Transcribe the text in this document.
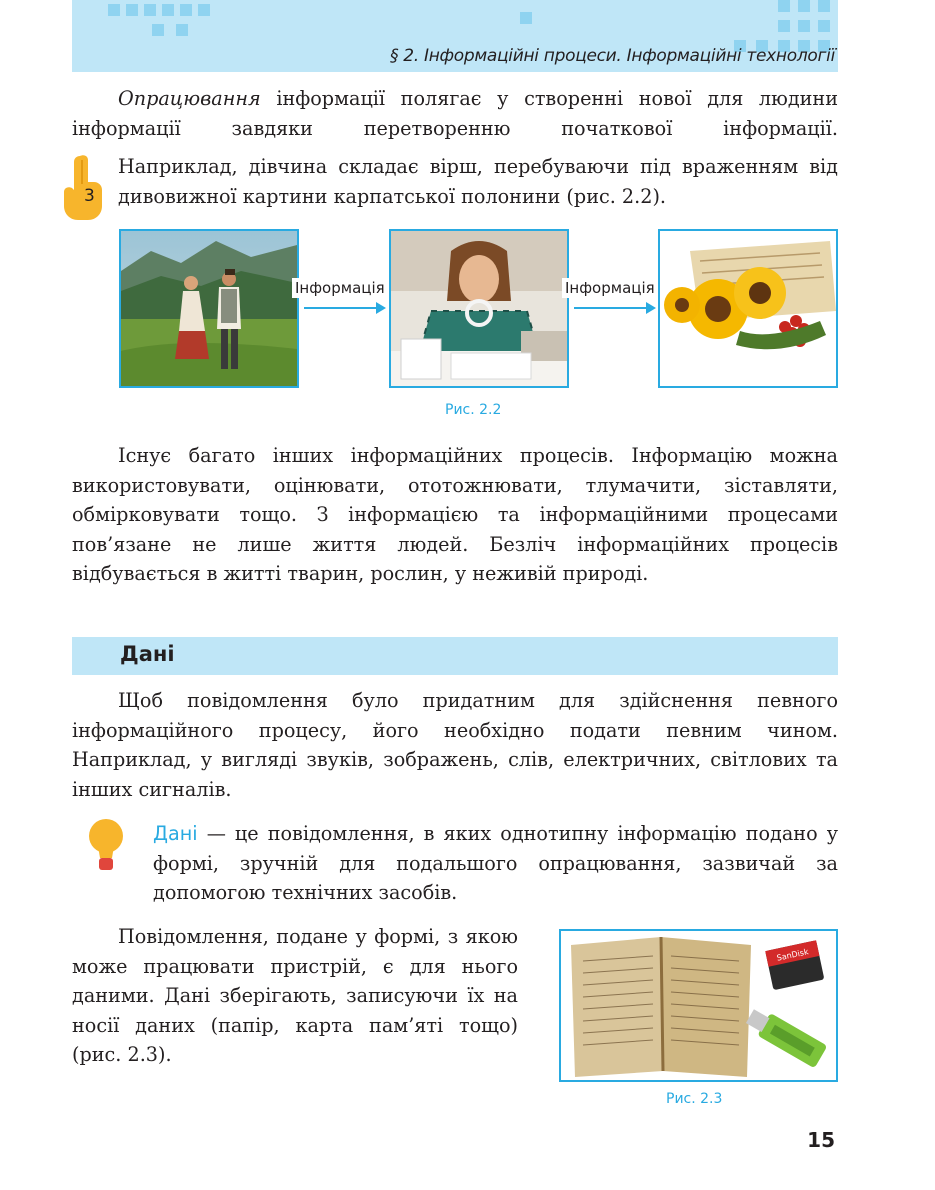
§ 2. Інформаційні процеси. Інформаційні технології
Опрацювання інформації полягає у створенні нової для людини інформації завдяки перетворенню початкової інформації.
3
Наприклад, дівчина складає вірш, перебуваючи під враженням від дивовижної картини карпатської полонини (рис. 2.2).
Інформація	Інформація
Рис. 2.2
Існує багато інших інформаційних процесів. Інформацію можна використовувати, оцінювати, ототожнювати, тлумачити, зіставляти, обмірковувати тощо. З інформацією та інформаційними процесами пов’язане не лише життя людей. Безліч інформаційних процесів відбувається в житті тварин, рослин, у неживій природі.
Дані
Щоб повідомлення було придатним для здійснення певного інформаційного процесу, його необхідно подати певним чином. Наприклад, у вигляді звуків, зображень, слів, електричних, світлових та інших сигналів.
Дані — це повідомлення, в яких однотипну інформацію подано у формі, зручній для подальшого опрацювання, зазвичай за допомогою технічних засобів.
Повідомлення, подане у формі, з якою може працювати пристрій, є для нього даними. Дані зберігають, записуючи їх на носії даних (папір, карта пам’яті тощо) (рис. 2.3).
SanDisk
Рис. 2.3
15
